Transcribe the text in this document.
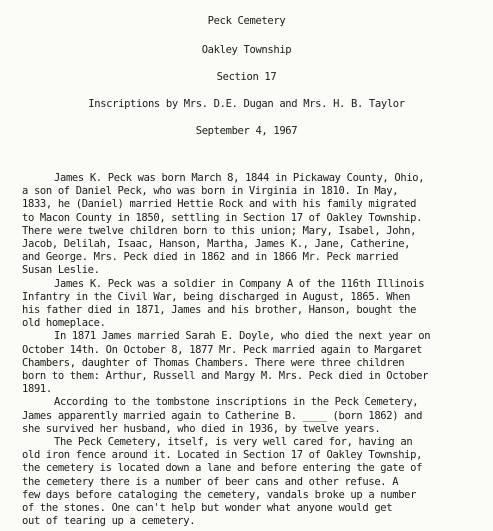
Peck Cemetery
Oakley Township
Section 17
Inscriptions by Mrs. D.E. Dugan and Mrs. H. B. Taylor
September 4, 1967
James K. Peck was born March 8, 1844 in Pickaway County, Ohio,
a son of Daniel Peck, who was born in Virginia in 1810. In May,
1833, he (Daniel) married Hettie Rock and with his family migrated
to Macon County in 1850, settling in Section 17 of Oakley Township.
There were twelve children born to this union; Mary, Isabel, John,
Jacob, Delilah, Isaac, Hanson, Martha, James K., Jane, Catherine,
and George. Mrs. Peck died in 1862 and in 1866 Mr. Peck married
Susan Leslie.
James K. Peck was a soldier in Company A of the 116th Illinois
Infantry in the Civil War, being discharged in August, 1865. When
his father died in 1871, James and his brother, Hanson, bought the
old homeplace.
In 1871 James married Sarah E. Doyle, who died the next year on
October 14th. On October 8, 1877 Mr. Peck married again to Margaret
Chambers, daughter of Thomas Chambers. There were three children
born to them: Arthur, Russell and Margy M. Mrs. Peck died in October
1891.
According to the tombstone inscriptions in the Peck Cemetery,
James apparently married again to Catherine B. ____ (born 1862) and
she survived her husband, who died in 1936, by twelve years.
The Peck Cemetery, itself, is very well cared for, having an
old iron fence around it. Located in Section 17 of Oakley Township,
the cemetery is located down a lane and before entering the gate of
the cemetery there is a number of beer cans and other refuse. A
few days before cataloging the cemetery, vandals broke up a number
of the stones. One can't help but wonder what anyone would get
out of tearing up a cemetery.
